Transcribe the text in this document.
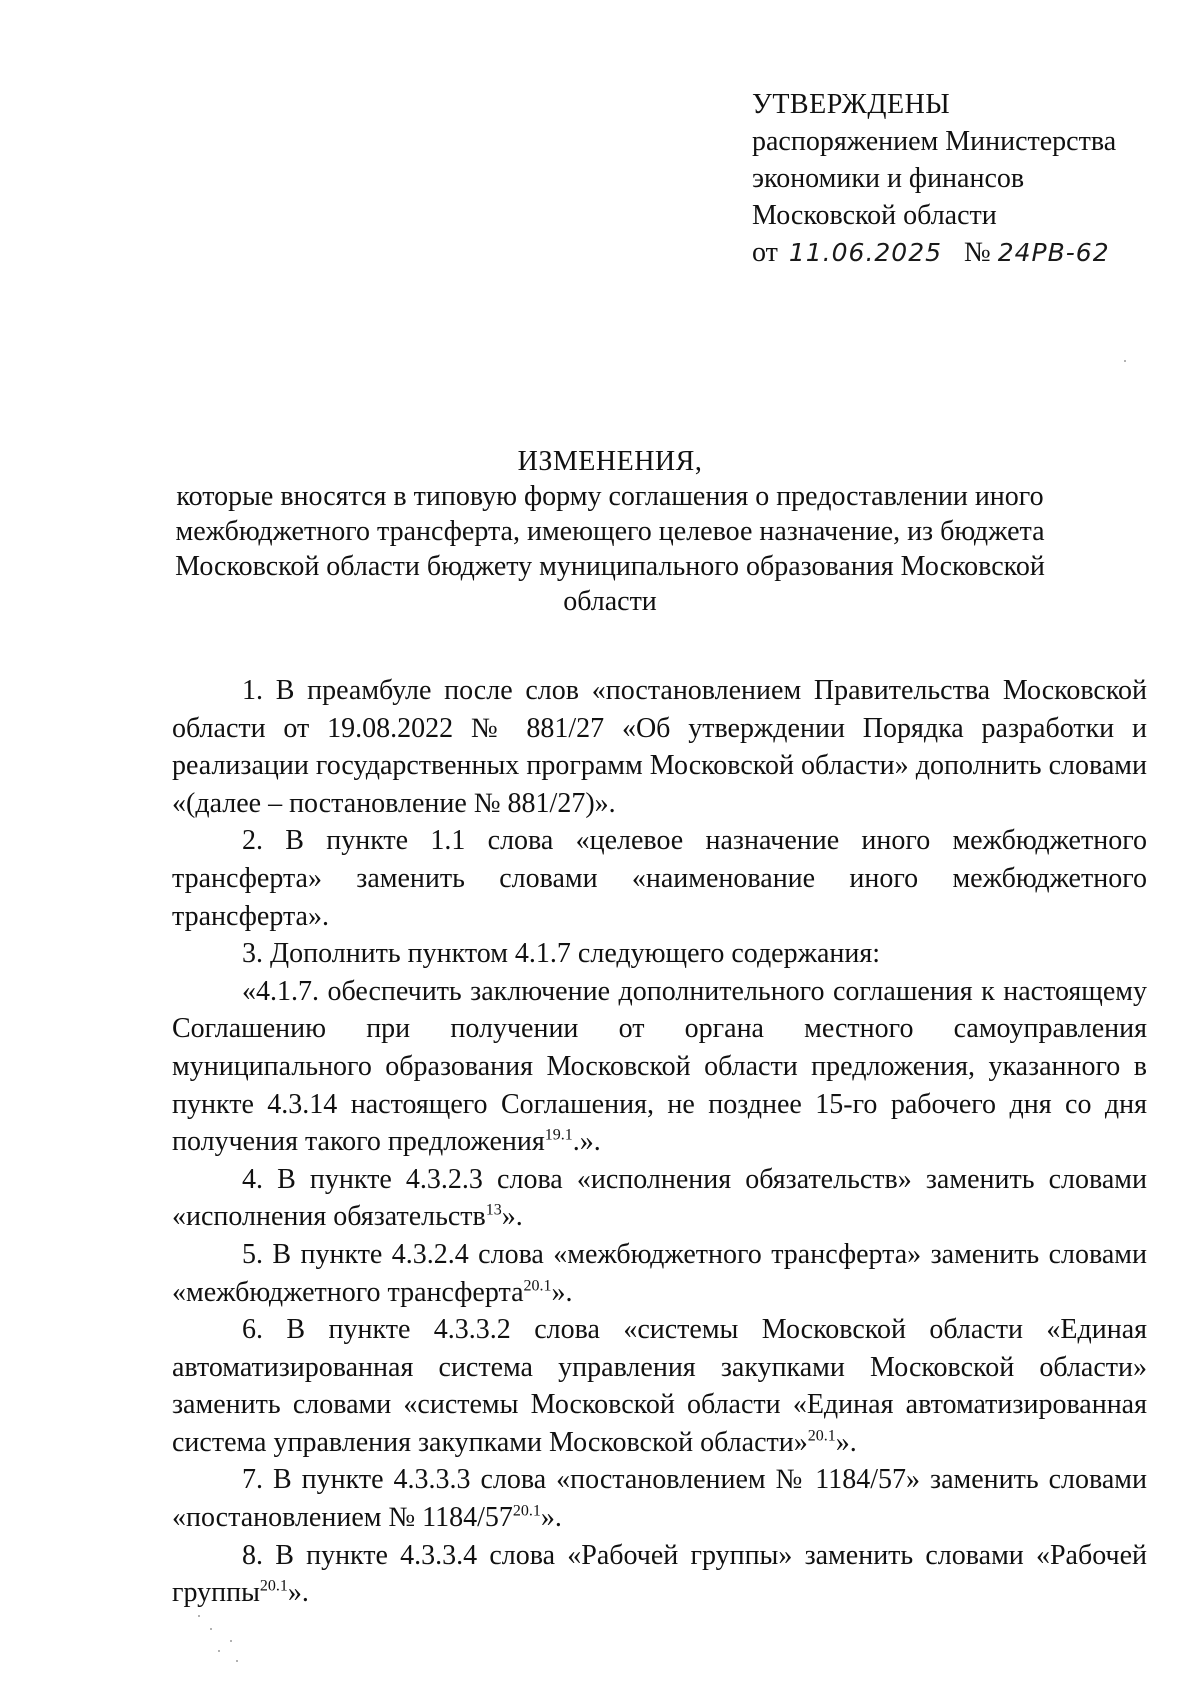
УТВЕРЖДЕНЫ
распоряжением Министерства
экономики и финансов
Московской области
от 11.06.2025 № 24РВ-62
ИЗМЕНЕНИЯ,
которые вносятся в типовую форму соглашения о предоставлении иного межбюджетного трансферта, имеющего целевое назначение, из бюджета Московской области бюджету муниципального образования Московской области

1. В преамбуле после слов «постановлением Правительства Московской области от 19.08.2022 № 881/27 «Об утверждении Порядка разработки и реализации государственных программ Московской области» дополнить словами «(далее – постановление № 881/27)».

2. В пункте 1.1 слова «целевое назначение иного межбюджетного трансферта» заменить словами «наименование иного межбюджетного трансферта».

3. Дополнить пунктом 4.1.7 следующего содержания:

«4.1.7. обеспечить заключение дополнительного соглашения к настоящему Соглашению при получении от органа местного самоуправления муниципального образования Московской области предложения, указанного в пункте 4.3.14 настоящего Соглашения, не позднее 15-го рабочего дня со дня получения такого предложения$^{19.1}$.».

4. В пункте 4.3.2.3 слова «исполнения обязательств» заменить словами «исполнения обязательств$^{13}$».

5. В пункте 4.3.2.4 слова «межбюджетного трансферта» заменить словами «межбюджетного трансферта$^{20.1}$».

6. В пункте 4.3.3.2 слова «системы Московской области «Единая автоматизированная система управления закупками Московской области» заменить словами «системы Московской области «Единая автоматизированная система управления закупками Московской области»$^{20.1}$».

7. В пункте 4.3.3.3 слова «постановлением № 1184/57» заменить словами «постановлением № $1184/57^{20.1}$».

8. В пункте 4.3.3.4 слова «Рабочей группы» заменить словами «Рабочей группы$^{20.1}$».
